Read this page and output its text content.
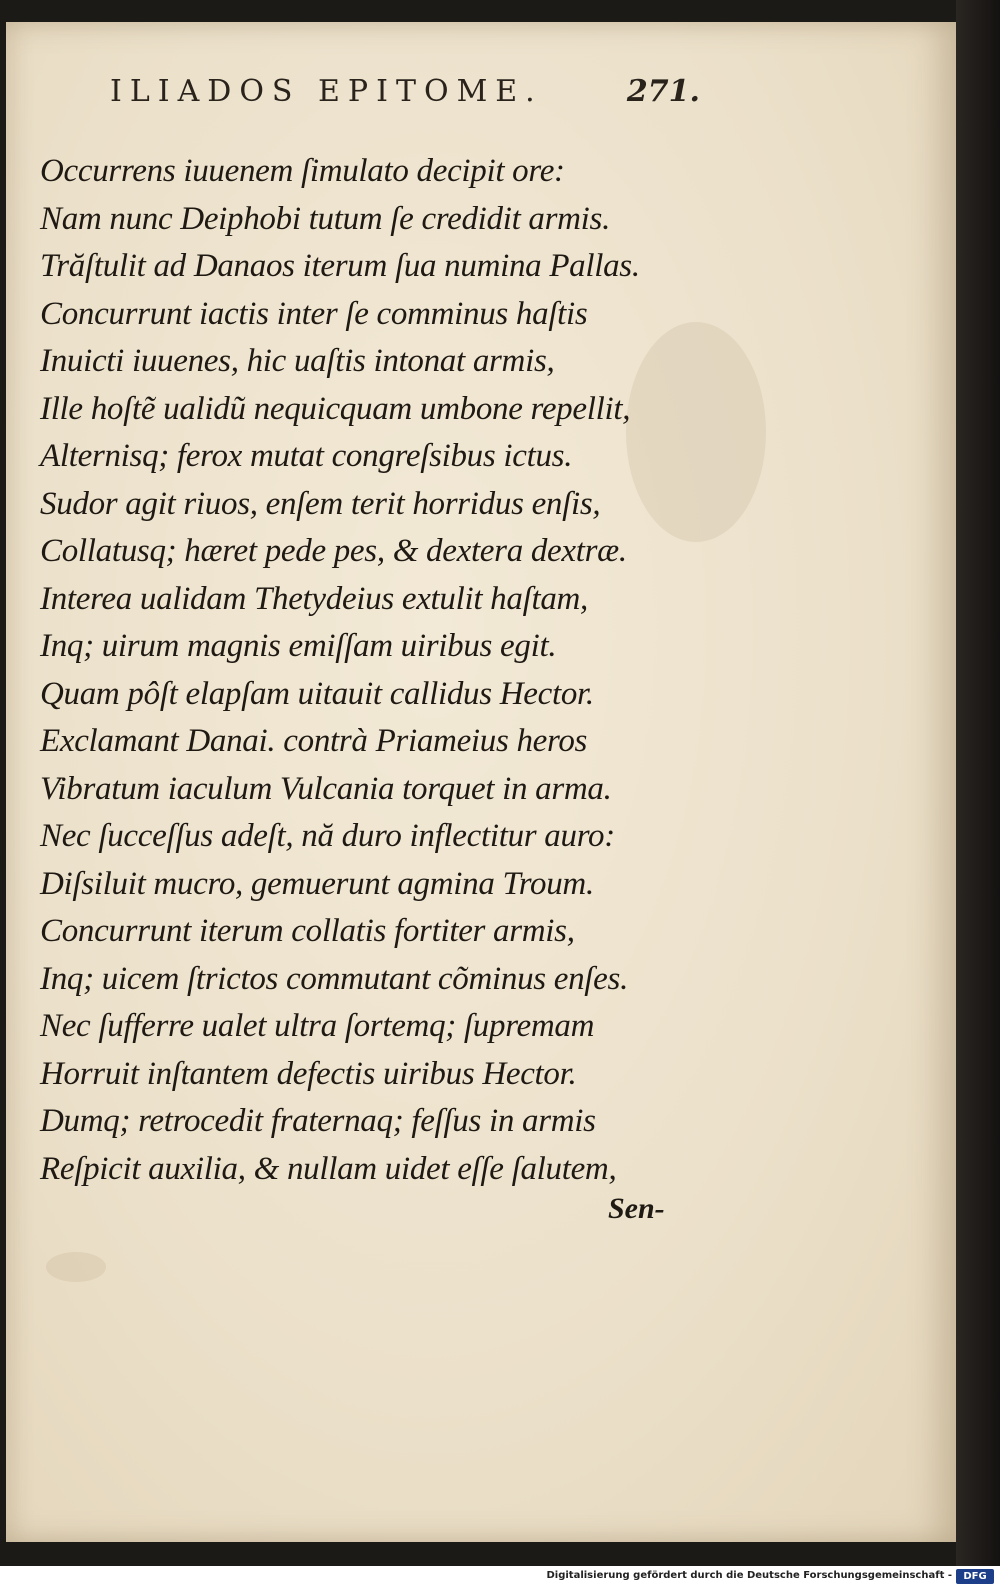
ILIADOS EPITOME.	271.
Occurrens iuuenem ſimulato decipit ore:
Nam nunc Deiphobi tutum ſe credidit armis.
Trăſtulit ad Danaos iterum ſua numina Pallas.
Concurrunt iactis inter ſe comminus haſtis
Inuicti iuuenes, hic uaſtis intonat armis,
Ille hoſtẽ ualidũ nequicquam umbone repellit,
Alternisq; ferox mutat congreſsibus ictus.
Sudor agit riuos, enſem terit horridus enſis,
Collatusq; hæret pede pes, & dextera dextræ.
Interea ualidam Thetydeius extulit haſtam,
Inq; uirum magnis emiſſam uiribus egit.
Quam pôſt elapſam uitauit callidus Hector.
Exclamant Danai. contrà Priameius heros
Vibratum iaculum Vulcania torquet in arma.
Nec ſucceſſus adeſt, nă duro inflectitur auro:
Diſsiluit mucro, gemuerunt agmina Troum.
Concurrunt iterum collatis fortiter armis,
Inq; uicem ſtrictos commutant cõminus enſes.
Nec ſufferre ualet ultra ſortemq; ſupremam
Horruit inſtantem defectis uiribus Hector.
Dumq; retrocedit fraternaq; feſſus in armis
Reſpicit auxilia, & nullam uidet eſſe ſalutem,
Sen-
Digitalisierung gefördert durch die Deutsche Forschungsgemeinschaft -	DFG
